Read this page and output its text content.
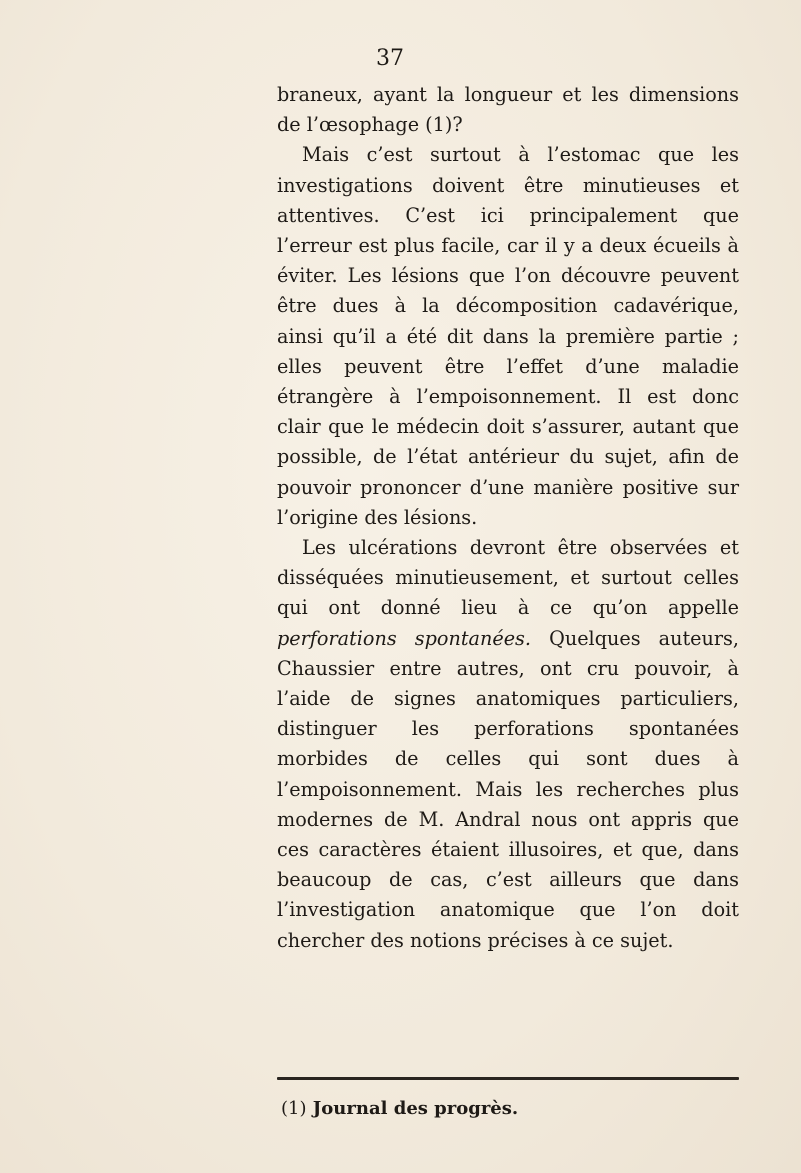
37

braneux, ayant la longueur et les dimensions de l’œsophage (1)?

Mais c’est surtout à l’estomac que les investigations doivent être minutieuses et attentives. C’est ici principalement que l’erreur est plus facile, car il y a deux écueils à éviter. Les lésions que l’on découvre peuvent être dues à la décomposition cadavérique, ainsi qu’il a été dit dans la première partie ; elles peuvent être l’effet d’une maladie étrangère à l’empoisonnement. Il est donc clair que le médecin doit s’assurer, autant que possible, de l’état antérieur du sujet, afin de pouvoir prononcer d’une manière positive sur l’origine des lésions.

Les ulcérations devront être observées et disséquées minutieusement, et surtout celles qui ont donné lieu à ce qu’on appelle perforations spontanées. Quelques auteurs, Chaussier entre autres, ont cru pouvoir, à l’aide de signes anatomiques particuliers, distinguer les perforations spontanées morbides de celles qui sont dues à l’empoisonnement. Mais les recherches plus modernes de M. Andral nous ont appris que ces caractères étaient illusoires, et que, dans beaucoup de cas, c’est ailleurs que dans l’investigation anatomique que l’on doit chercher des notions précises à ce sujet.

(1) Journal des progrès.
